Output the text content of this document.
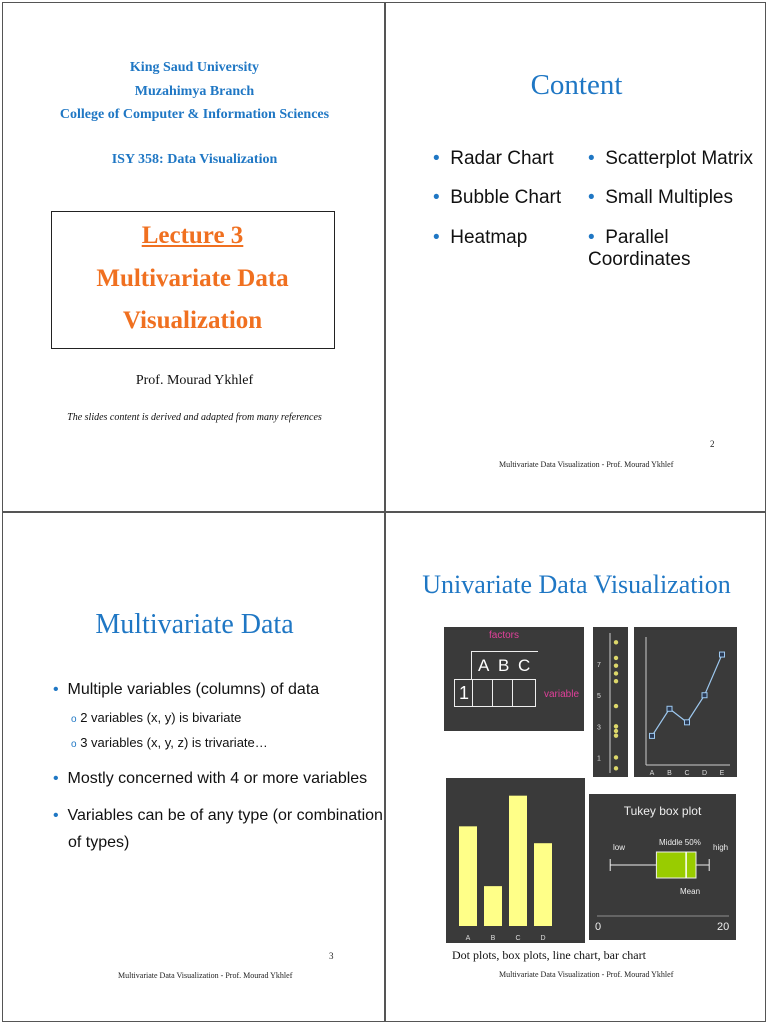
King Saud University
Muzahimya Branch
College of Computer & Information Sciences
ISY 358: Data Visualization
Lecture 3
Multivariate Data
Visualization
Prof. Mourad Ykhlef
The slides content is derived and adapted from many references
Content
• Radar Chart
• Bubble Chart
• Heatmap
• Scatterplot Matrix
• Small Multiples
• Parallel Coordinates
2
Multivariate Data Visualization - Prof. Mourad Ykhlef
Multivariate Data
• Multiple variables (columns) of data
o 2 variables (x, y) is bivariate
o 3 variables (x, y, z) is trivariate…
• Mostly concerned with 4 or more variables
• Variables can be of any type (or combination
of types)
3
Multivariate Data Visualization - Prof. Mourad Ykhlef
Univariate Data Visualization
factors
A B C
1	variable
7
5
3
1
A B C D E
A	B	C	D
Tukey box plot
low
Middle 50%
high
Mean
0	20
Dot plots, box plots, line chart, bar chart
Multivariate Data Visualization - Prof. Mourad Ykhlef
